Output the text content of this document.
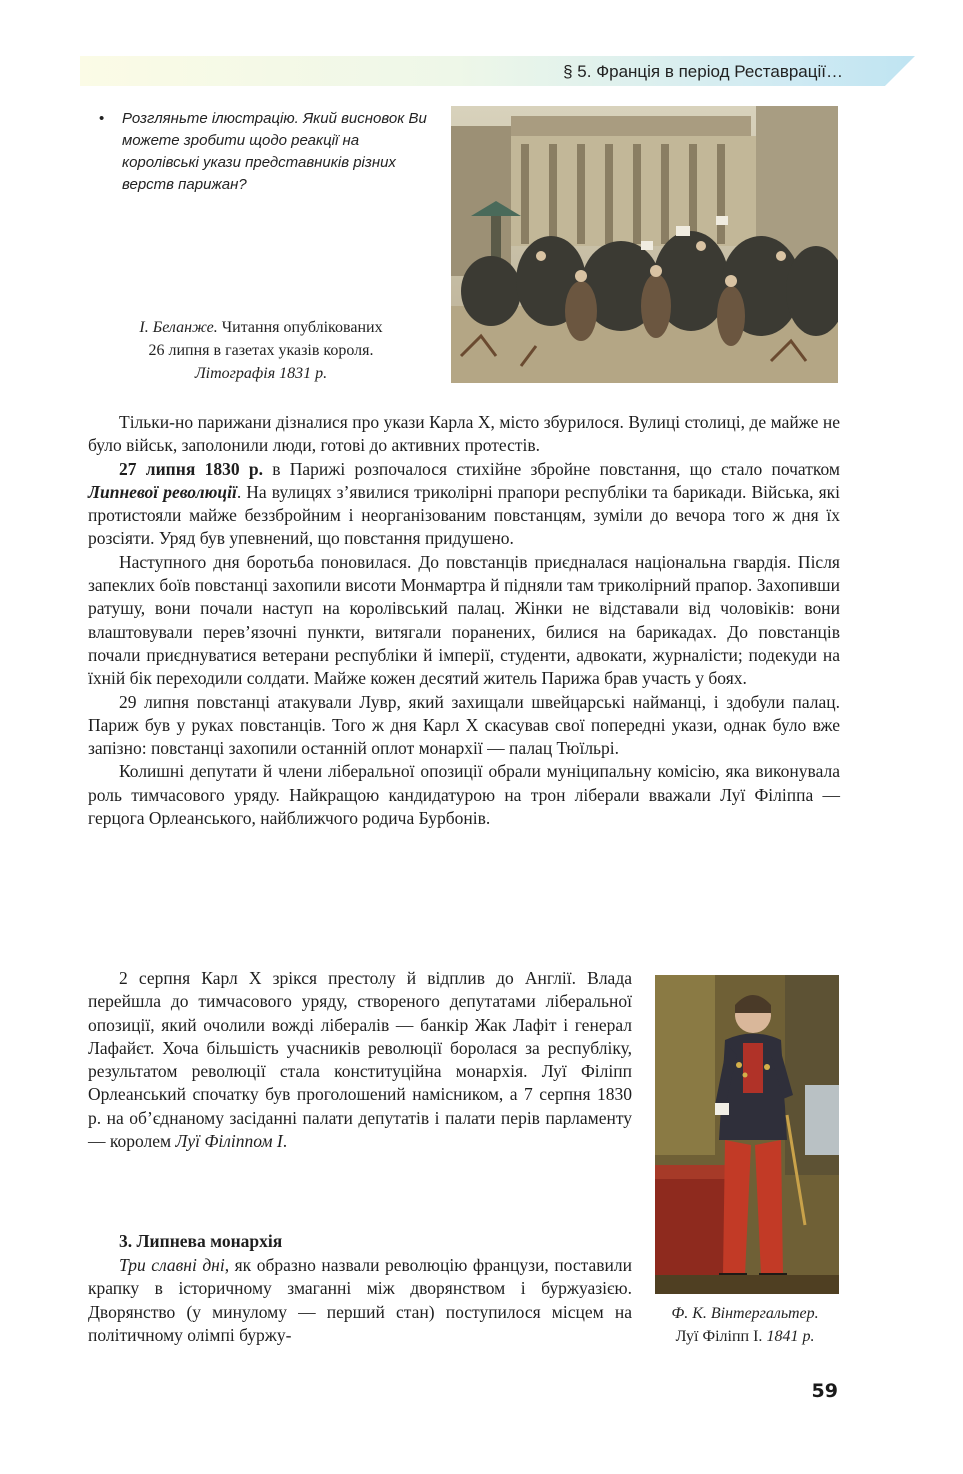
§ 5. Франція в період Реставрації…
•	Розгляньте ілюстрацію. Який висновок Ви можете зробити щодо реакції на королівські укази представників різних верств парижан?
І. Беланже. Читання опублікованих
26 липня в газетах указів короля.
Літографія 1831 р.

Тільки-но парижани дізналися про укази Карла X, місто збурилося. Вулиці столиці, де майже не було військ, заполонили люди, готові до активних протестів.

27 липня 1830 р. в Парижі розпочалося стихійне збройне повстання, що стало початком Липневої революції. На вулицях з’явилися триколірні прапори республіки та барикади. Війська, які протистояли майже беззбройним і неорганізованим повстанцям, зуміли до вечора того ж дня їх розсіяти. Уряд був упевнений, що повстання придушено.

Наступного дня боротьба поновилася. До повстанців приєдналася національна гвардія. Після запеклих боїв повстанці захопили висоти Монмартра й підняли там триколірний прапор. Захопивши ратушу, вони почали наступ на королівський палац. Жінки не відставали від чоловіків: вони влаштовували перев’язочні пункти, витягали поранених, билися на барикадах. До повстанців почали приєднуватися ветерани республіки й імперії, студенти, адвокати, журналісти; подекуди на їхній бік переходили солдати. Майже кожен десятий житель Парижа брав участь у боях.

29 липня повстанці атакували Лувр, який захищали швейцарські найманці, і здобули палац. Париж був у руках повстанців. Того ж дня Карл X скасував свої попередні укази, однак було вже запізно: повстанці захопили останній оплот монархії — палац Тюїльрі.

Колишні депутати й члени ліберальної опозиції обрали муніципальну комісію, яка виконувала роль тимчасового уряду. Найкращою кандидатурою на трон ліберали вважали Луї Філіппа — герцога Орлеанського, найближчого родича Бурбонів.

2 серпня Карл X зрікся престолу й відплив до Англії. Влада перейшла до тимчасового уряду, створеного депутатами ліберальної опозиції, який очолили вожді лібералів — банкір Жак Лафіт і генерал Лафайєт. Хоча більшість учасників революції боролася за республіку, результатом революції стала конституційна монархія. Луї Філіпп Орлеанський спочатку був проголошений намісником, а 7 серпня 1830 р. на об’єднаному засіданні палати депутатів і палати перів парламенту — королем Луї Філіппом I.

3. Липнева монархія

Три славні дні, як образно назвали революцію французи, поставили крапку в історичному змаганні між дворянством і буржуазією. Дворянство (у минулому — перший стан) поступилося місцем на політичному олімпі буржу-

Ф. К. Вінтергальтер.
Луї Філіпп I. 1841 р.
59
